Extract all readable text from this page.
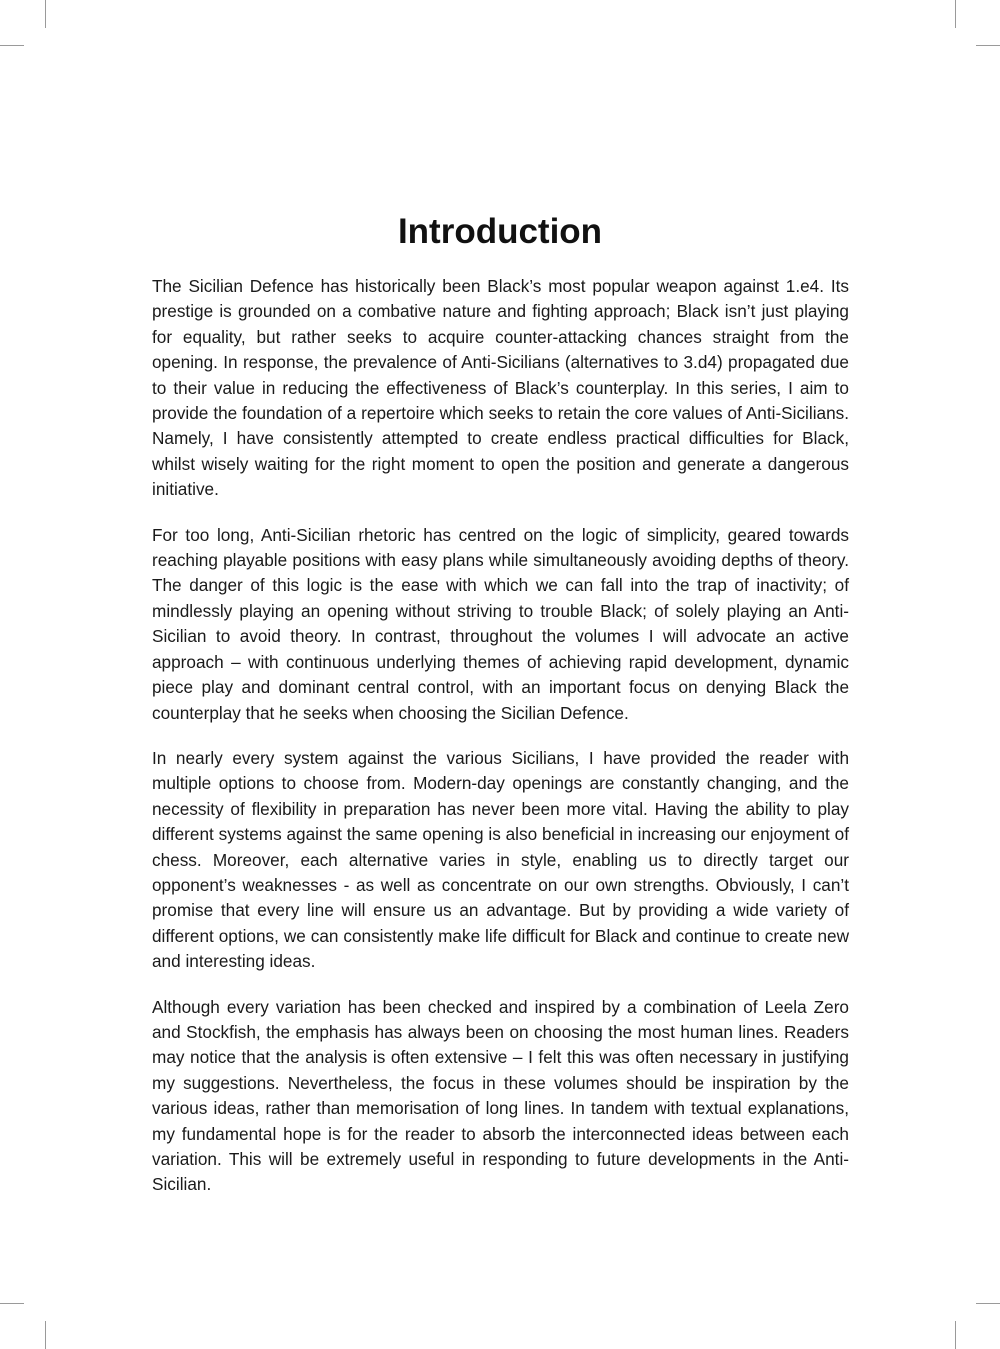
Introduction

The Sicilian Defence has historically been Black’s most popular weapon against 1.e4. Its prestige is grounded on a combative nature and fighting approach; Black isn’t just playing for equality, but rather seeks to acquire counter-attacking chances straight from the opening. In response, the prevalence of Anti-Sicilians (alternatives to 3.d4) propagated due to their value in reducing the effectiveness of Black’s counterplay. In this series, I aim to provide the foundation of a repertoire which seeks to retain the core values of Anti-Sicilians. Namely, I have consistently attempted to create endless practical difficulties for Black, whilst wisely waiting for the right moment to open the position and generate a dangerous initiative.

For too long, Anti-Sicilian rhetoric has centred on the logic of simplicity, geared towards reaching playable positions with easy plans while simultaneously avoiding depths of theory. The danger of this logic is the ease with which we can fall into the trap of inactivity; of mindlessly playing an opening without striving to trouble Black; of solely playing an Anti-Sicilian to avoid theory. In contrast, throughout the volumes I will advocate an active approach – with continuous underlying themes of achieving rapid development, dynamic piece play and dominant central control, with an important focus on denying Black the counterplay that he seeks when choosing the Sicilian Defence.

In nearly every system against the various Sicilians, I have provided the reader with multiple options to choose from. Modern-day openings are constantly changing, and the necessity of flexibility in preparation has never been more vital. Having the ability to play different systems against the same opening is also beneficial in increasing our enjoyment of chess. Moreover, each alternative varies in style, enabling us to directly target our opponent’s weaknesses - as well as concentrate on our own strengths. Obviously, I can’t promise that every line will ensure us an advantage. But by providing a wide variety of different options, we can consistently make life difficult for Black and continue to create new and interesting ideas.

Although every variation has been checked and inspired by a combination of Leela Zero and Stockfish, the emphasis has always been on choosing the most human lines. Readers may notice that the analysis is often extensive – I felt this was often necessary in justifying my suggestions. Nevertheless, the focus in these volumes should be inspiration by the various ideas, rather than memorisation of long lines. In tandem with textual explanations, my fundamental hope is for the reader to absorb the interconnected ideas between each variation. This will be extremely useful in responding to future developments in the Anti-Sicilian.
